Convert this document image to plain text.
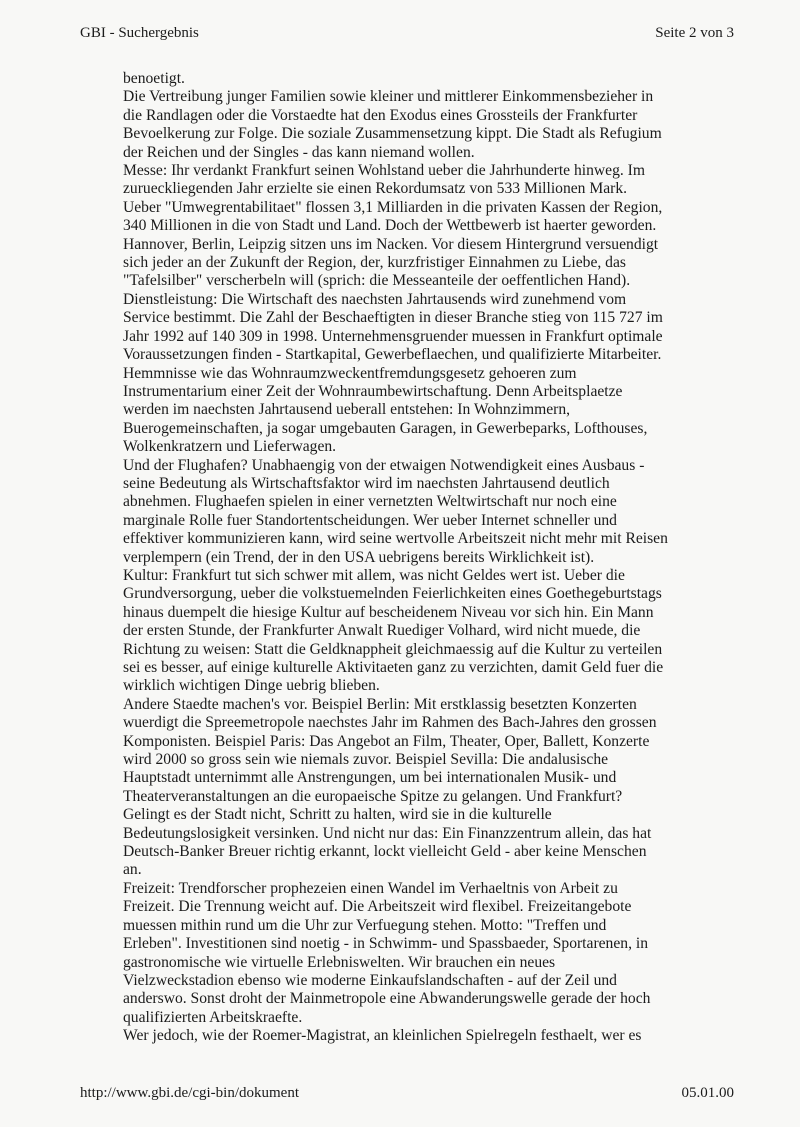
GBI - Suchergebnis	Seite 2 von 3
benoetigt.
Die Vertreibung junger Familien sowie kleiner und mittlerer Einkommensbezieher in
die Randlagen oder die Vorstaedte hat den Exodus eines Grossteils der Frankfurter
Bevoelkerung zur Folge. Die soziale Zusammensetzung kippt. Die Stadt als Refugium
der Reichen und der Singles - das kann niemand wollen.
Messe: Ihr verdankt Frankfurt seinen Wohlstand ueber die Jahrhunderte hinweg. Im
zurueckliegenden Jahr erzielte sie einen Rekordumsatz von 533 Millionen Mark.
Ueber "Umwegrentabilitaet" flossen 3,1 Milliarden in die privaten Kassen der Region,
340 Millionen in die von Stadt und Land. Doch der Wettbewerb ist haerter geworden.
Hannover, Berlin, Leipzig sitzen uns im Nacken. Vor diesem Hintergrund versuendigt
sich jeder an der Zukunft der Region, der, kurzfristiger Einnahmen zu Liebe, das
"Tafelsilber" verscherbeln will (sprich: die Messeanteile der oeffentlichen Hand).
Dienstleistung: Die Wirtschaft des naechsten Jahrtausends wird zunehmend vom
Service bestimmt. Die Zahl der Beschaeftigten in dieser Branche stieg von 115 727 im
Jahr 1992 auf 140 309 in 1998. Unternehmensgruender muessen in Frankfurt optimale
Voraussetzungen finden - Startkapital, Gewerbeflaechen, und qualifizierte Mitarbeiter.
Hemmnisse wie das Wohnraumzweckentfremdungsgesetz gehoeren zum
Instrumentarium einer Zeit der Wohnraumbewirtschaftung. Denn Arbeitsplaetze
werden im naechsten Jahrtausend ueberall entstehen: In Wohnzimmern,
Buerogemeinschaften, ja sogar umgebauten Garagen, in Gewerbeparks, Lofthouses,
Wolkenkratzern und Lieferwagen.
Und der Flughafen? Unabhaengig von der etwaigen Notwendigkeit eines Ausbaus -
seine Bedeutung als Wirtschaftsfaktor wird im naechsten Jahrtausend deutlich
abnehmen. Flughaefen spielen in einer vernetzten Weltwirtschaft nur noch eine
marginale Rolle fuer Standortentscheidungen. Wer ueber Internet schneller und
effektiver kommunizieren kann, wird seine wertvolle Arbeitszeit nicht mehr mit Reisen
verplempern (ein Trend, der in den USA uebrigens bereits Wirklichkeit ist).
Kultur: Frankfurt tut sich schwer mit allem, was nicht Geldes wert ist. Ueber die
Grundversorgung, ueber die volkstuemelnden Feierlichkeiten eines Goethegeburtstags
hinaus duempelt die hiesige Kultur auf bescheidenem Niveau vor sich hin. Ein Mann
der ersten Stunde, der Frankfurter Anwalt Ruediger Volhard, wird nicht muede, die
Richtung zu weisen: Statt die Geldknappheit gleichmaessig auf die Kultur zu verteilen
sei es besser, auf einige kulturelle Aktivitaeten ganz zu verzichten, damit Geld fuer die
wirklich wichtigen Dinge uebrig blieben.
Andere Staedte machen's vor. Beispiel Berlin: Mit erstklassig besetzten Konzerten
wuerdigt die Spreemetropole naechstes Jahr im Rahmen des Bach-Jahres den grossen
Komponisten. Beispiel Paris: Das Angebot an Film, Theater, Oper, Ballett, Konzerte
wird 2000 so gross sein wie niemals zuvor. Beispiel Sevilla: Die andalusische
Hauptstadt unternimmt alle Anstrengungen, um bei internationalen Musik- und
Theaterveranstaltungen an die europaeische Spitze zu gelangen. Und Frankfurt?
Gelingt es der Stadt nicht, Schritt zu halten, wird sie in die kulturelle
Bedeutungslosigkeit versinken. Und nicht nur das: Ein Finanzzentrum allein, das hat
Deutsch-Banker Breuer richtig erkannt, lockt vielleicht Geld - aber keine Menschen
an.
Freizeit: Trendforscher prophezeien einen Wandel im Verhaeltnis von Arbeit zu
Freizeit. Die Trennung weicht auf. Die Arbeitszeit wird flexibel. Freizeitangebote
muessen mithin rund um die Uhr zur Verfuegung stehen. Motto: "Treffen und
Erleben". Investitionen sind noetig - in Schwimm- und Spassbaeder, Sportarenen, in
gastronomische wie virtuelle Erlebniswelten. Wir brauchen ein neues
Vielzweckstadion ebenso wie moderne Einkaufslandschaften - auf der Zeil und
anderswo. Sonst droht der Mainmetropole eine Abwanderungswelle gerade der hoch
qualifizierten Arbeitskraefte.
Wer jedoch, wie der Roemer-Magistrat, an kleinlichen Spielregeln festhaelt, wer es
http://www.gbi.de/cgi-bin/dokument	05.01.00
